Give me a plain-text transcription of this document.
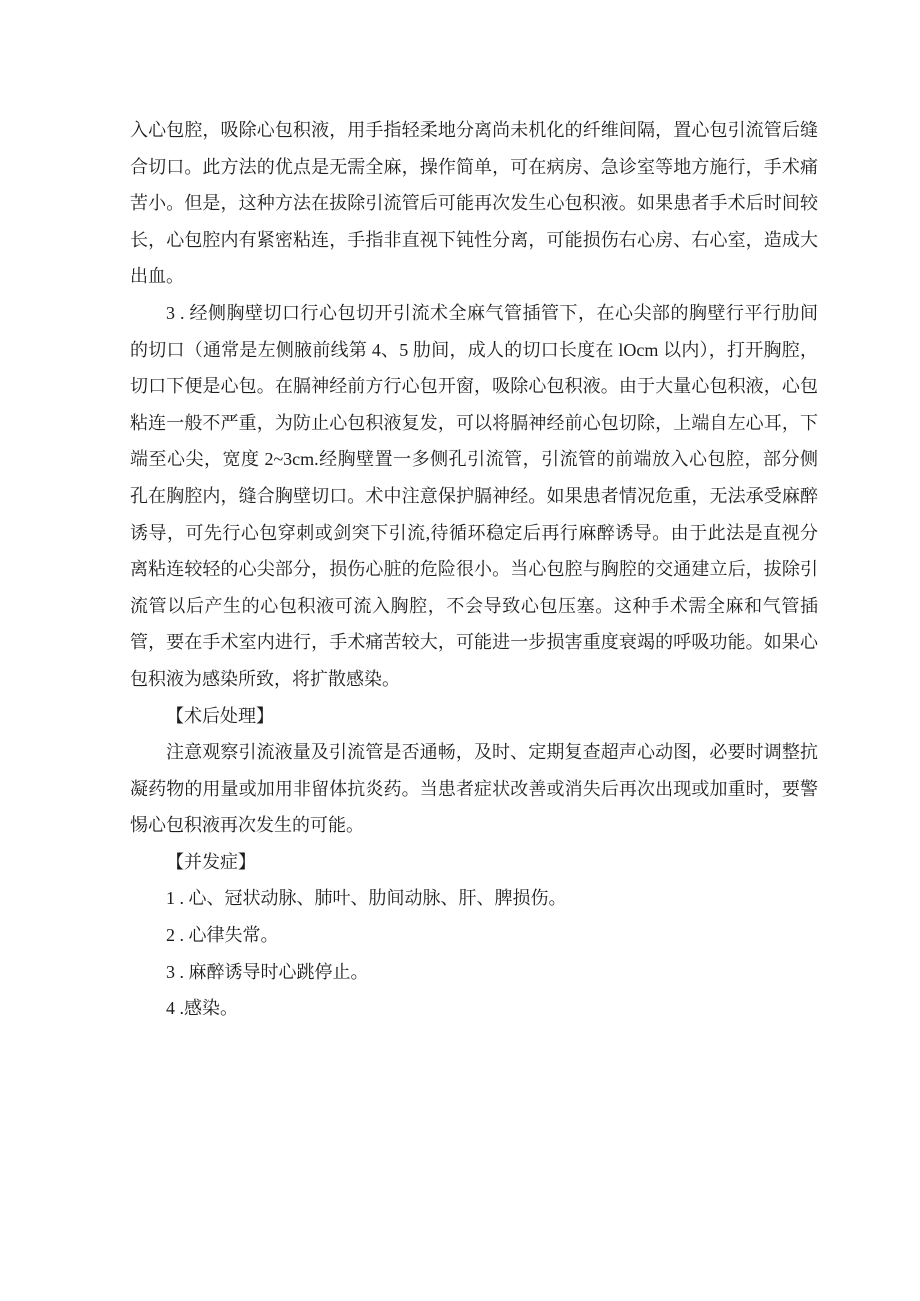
入心包腔，吸除心包积液，用手指轻柔地分离尚未机化的纤维间隔，置心包引流管后缝合切口。此方法的优点是无需全麻，操作简单，可在病房、急诊室等地方施行，手术痛苦小。但是，这种方法在拔除引流管后可能再次发生心包积液。如果患者手术后时间较长，心包腔内有紧密粘连，手指非直视下钝性分离，可能损伤右心房、右心室，造成大出血。

3 . 经侧胸壁切口行心包切开引流术全麻气管插管下，在心尖部的胸壁行平行肋间的切口（通常是左侧腋前线第 4、5 肋间，成人的切口长度在 lOcm 以内），打开胸腔，切口下便是心包。在膈神经前方行心包开窗，吸除心包积液。由于大量心包积液，心包粘连一般不严重，为防止心包积液复发，可以将膈神经前心包切除，上端自左心耳，下端至心尖，宽度 2~3cm.经胸壁置一多侧孔引流管，引流管的前端放入心包腔，部分侧孔在胸腔内，缝合胸壁切口。术中注意保护膈神经。如果患者情况危重，无法承受麻醉诱导，可先行心包穿刺或剑突下引流,待循环稳定后再行麻醉诱导。由于此法是直视分离粘连较轻的心尖部分，损伤心脏的危险很小。当心包腔与胸腔的交通建立后，拔除引流管以后产生的心包积液可流入胸腔，不会导致心包压塞。这种手术需全麻和气管插管，要在手术室内进行，手术痛苦较大，可能进一步损害重度衰竭的呼吸功能。如果心包积液为感染所致，将扩散感染。

【术后处理】

注意观察引流液量及引流管是否通畅，及时、定期复查超声心动图，必要时调整抗凝药物的用量或加用非留体抗炎药。当患者症状改善或消失后再次出现或加重时，要警惕心包积液再次发生的可能。

【并发症】

1 . 心、冠状动脉、肺叶、肋间动脉、肝、脾损伤。

2 . 心律失常。

3 . 麻醉诱导时心跳停止。

4 .感染。
